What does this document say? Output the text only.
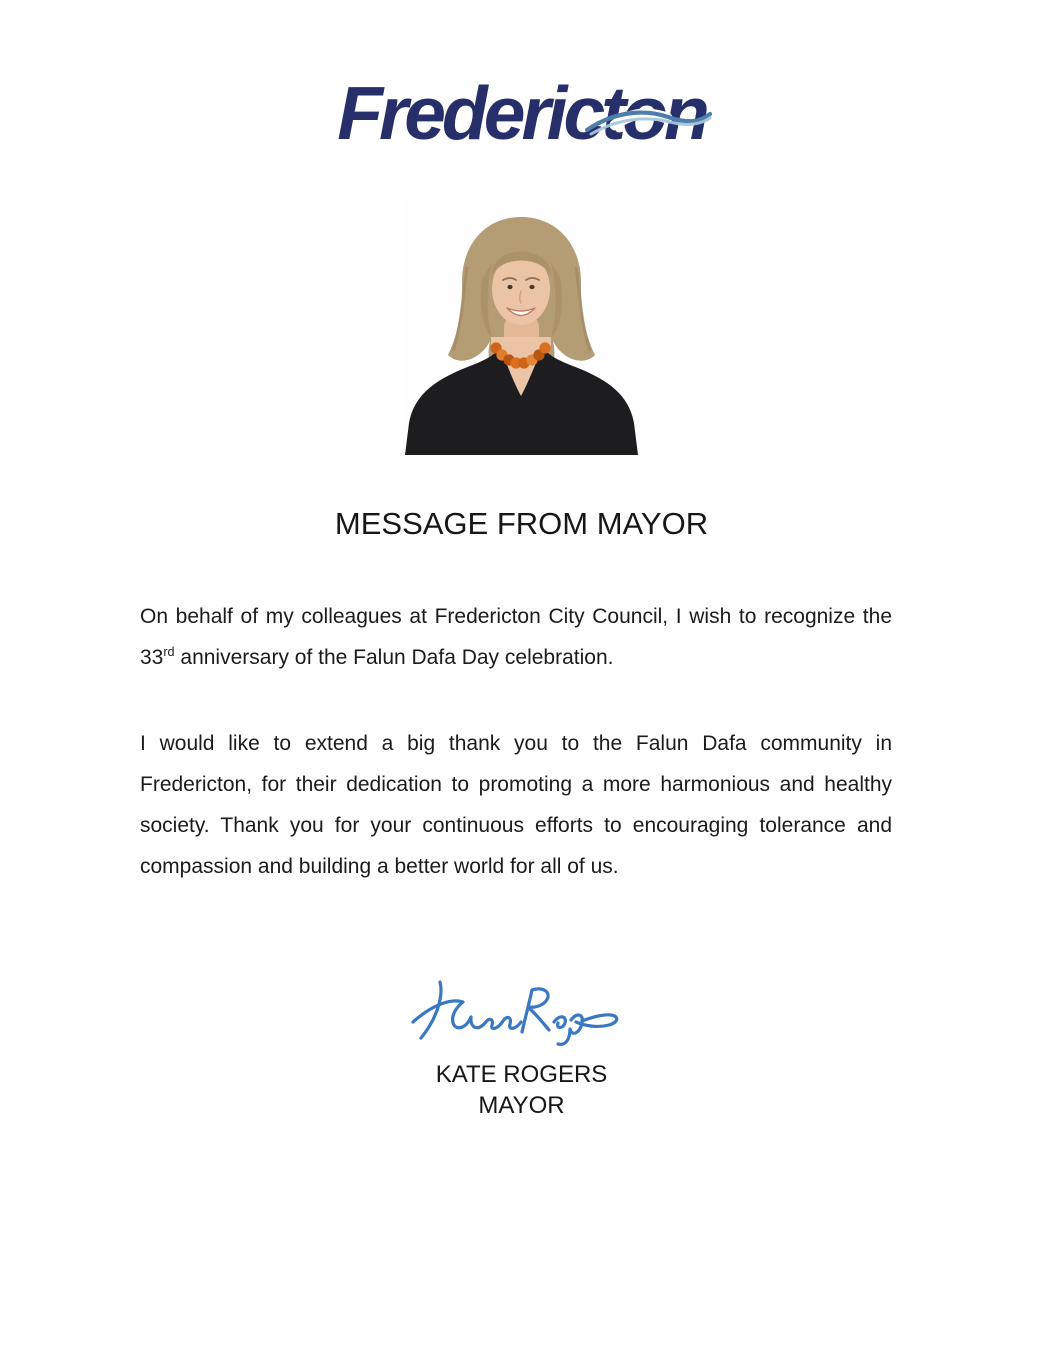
Fredericton
MESSAGE FROM MAYOR

On behalf of my colleagues at Fredericton City Council, I wish to recognize the 33rd anniversary of the Falun Dafa Day celebration.

I would like to extend a big thank you to the Falun Dafa community in Fredericton, for their dedication to promoting a more harmonious and healthy society. Thank you for your continuous efforts to encouraging tolerance and compassion and building a better world for all of us.

KATE ROGERS
MAYOR
